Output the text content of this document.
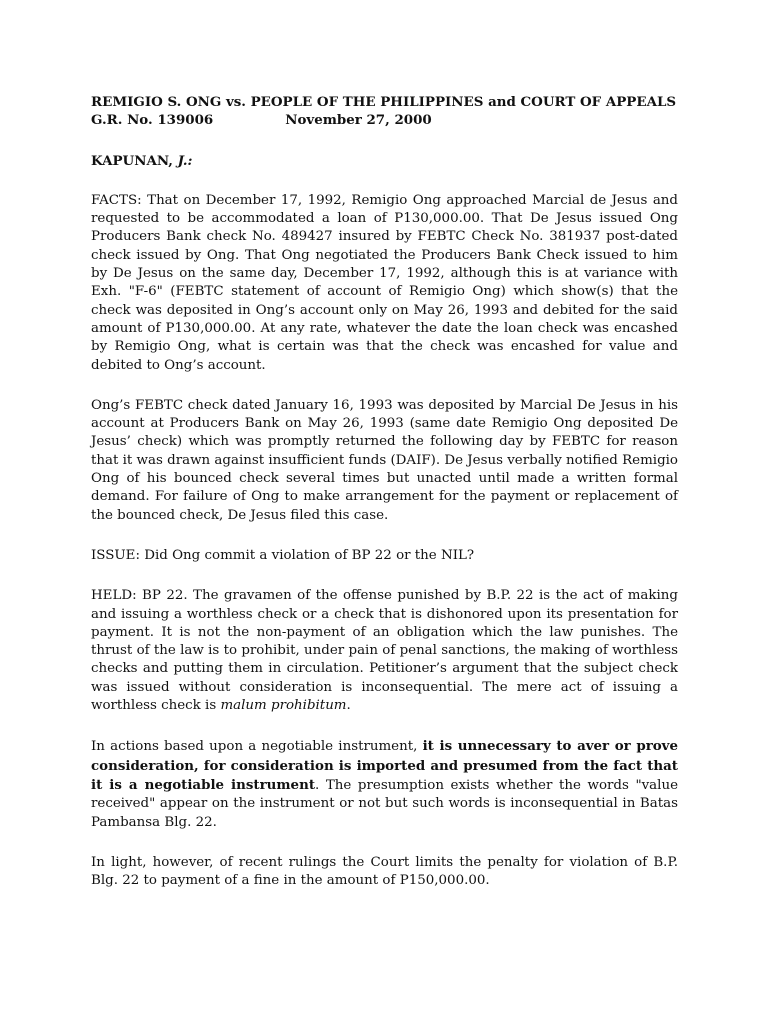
REMIGIO S. ONG vs. PEOPLE OF THE PHILIPPINES and COURT OF APPEALS
G.R. No. 139006	November 27, 2000
KAPUNAN, J.:

FACTS: That on December 17, 1992, Remigio Ong approached Marcial de Jesus and requested to be accommodated a loan of P130,000.00. That De Jesus issued Ong Producers Bank check No. 489427 insured by FEBTC Check No. 381937 post-dated check issued by Ong. That Ong negotiated the Producers Bank Check issued to him by De Jesus on the same day, December 17, 1992, although this is at variance with Exh. "F-6" (FEBTC statement of account of Remigio Ong) which show(s) that the check was deposited in Ong’s account only on May 26, 1993 and debited for the said amount of P130,000.00. At any rate, whatever the date the loan check was encashed by Remigio Ong, what is certain was that the check was encashed for value and debited to Ong’s account.

Ong’s FEBTC check dated January 16, 1993 was deposited by Marcial De Jesus in his account at Producers Bank on May 26, 1993 (same date Remigio Ong deposited De Jesus’ check) which was promptly returned the following day by FEBTC for reason that it was drawn against insufficient funds (DAIF). De Jesus verbally notified Remigio Ong of his bounced check several times but unacted until made a written formal demand. For failure of Ong to make arrangement for the payment or replacement of the bounced check, De Jesus filed this case.

ISSUE: Did Ong commit a violation of BP 22 or the NIL?

HELD: BP 22. The gravamen of the offense punished by B.P. 22 is the act of making and issuing a worthless check or a check that is dishonored upon its presentation for payment. It is not the non-payment of an obligation which the law punishes. The thrust of the law is to prohibit, under pain of penal sanctions, the making of worthless checks and putting them in circulation. Petitioner’s argument that the subject check was issued without consideration is inconsequential. The mere act of issuing a worthless check is malum prohibitum.

In actions based upon a negotiable instrument, it is unnecessary to aver or prove consideration, for consideration is imported and presumed from the fact that it is a negotiable instrument. The presumption exists whether the words "value received" appear on the instrument or not but such words is inconsequential in Batas Pambansa Blg. 22.

In light, however, of recent rulings the Court limits the penalty for violation of B.P. Blg. 22 to payment of a fine in the amount of P150,000.00.
